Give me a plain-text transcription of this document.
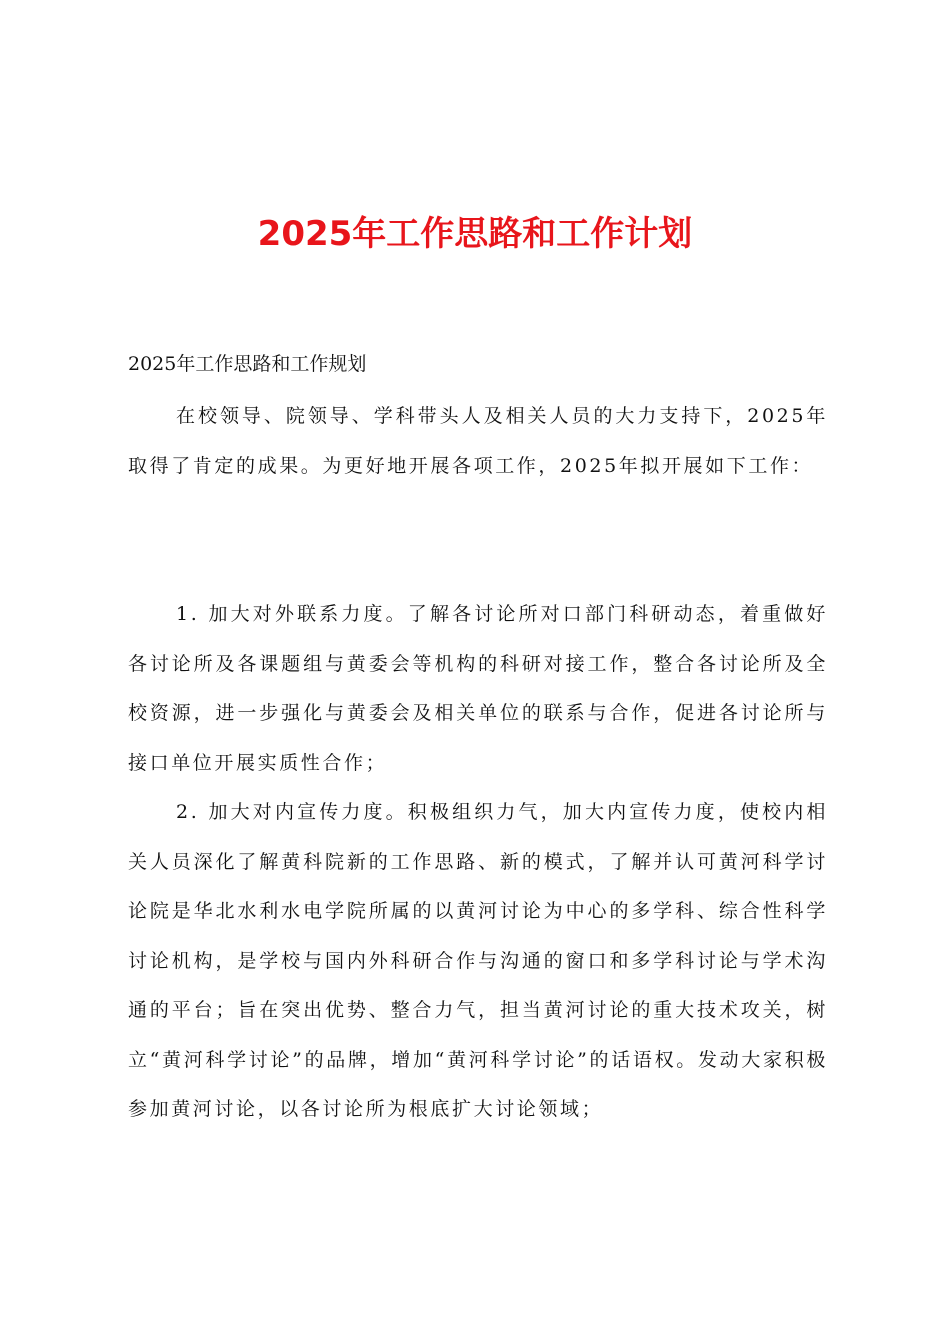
2025年工作思路和工作计划

2025年工作思路和工作规划

在校领导、院领导、学科带头人及相关人员的大力支持下，2025年取得了肯定的成果。为更好地开展各项工作，2025年拟开展如下工作：

1. 加大对外联系力度。了解各讨论所对口部门科研动态，着重做好各讨论所及各课题组与黄委会等机构的科研对接工作，整合各讨论所及全校资源，进一步强化与黄委会及相关单位的联系与合作，促进各讨论所与接口单位开展实质性合作；

2. 加大对内宣传力度。积极组织力气，加大内宣传力度，使校内相关人员深化了解黄科院新的工作思路、新的模式，了解并认可黄河科学讨论院是华北水利水电学院所属的以黄河讨论为中心的多学科、综合性科学讨论机构，是学校与国内外科研合作与沟通的窗口和多学科讨论与学术沟通的平台；旨在突出优势、整合力气，担当黄河讨论的重大技术攻关，树立“黄河科学讨论”的品牌，增加“黄河科学讨论”的话语权。发动大家积极参加黄河讨论，以各讨论所为根底扩大讨论领域；
